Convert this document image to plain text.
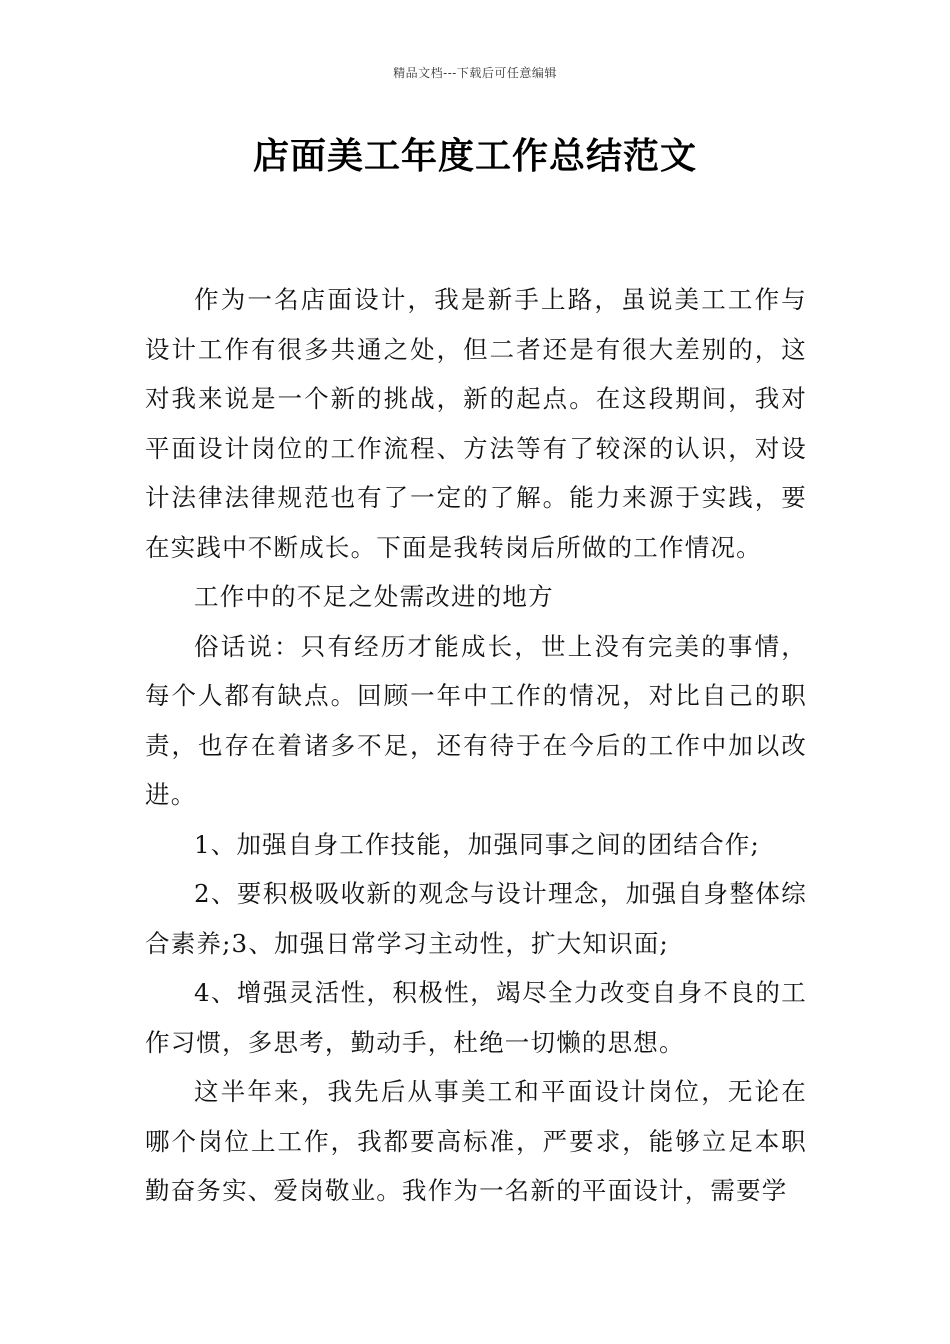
精品文档---下载后可任意编辑
店面美工年度工作总结范文

作为一名店面设计，我是新手上路，虽说美工工作与设计工作有很多共通之处，但二者还是有很大差别的，这对我来说是一个新的挑战，新的起点。在这段期间，我对平面设计岗位的工作流程、方法等有了较深的认识，对设计法律法律规范也有了一定的了解。能力来源于实践，要在实践中不断成长。下面是我转岗后所做的工作情况。

工作中的不足之处需改进的地方

俗话说：只有经历才能成长，世上没有完美的事情，每个人都有缺点。回顾一年中工作的情况，对比自己的职责，也存在着诸多不足，还有待于在今后的工作中加以改进。

1、加强自身工作技能，加强同事之间的团结合作;

2、要积极吸收新的观念与设计理念，加强自身整体综合素养;3、加强日常学习主动性，扩大知识面;

4、增强灵活性，积极性，竭尽全力改变自身不良的工作习惯，多思考，勤动手，杜绝一切懒的思想。

这半年来，我先后从事美工和平面设计岗位，无论在哪个岗位上工作，我都要高标准，严要求，能够立足本职勤奋务实、爱岗敬业。我作为一名新的平面设计，需要学
